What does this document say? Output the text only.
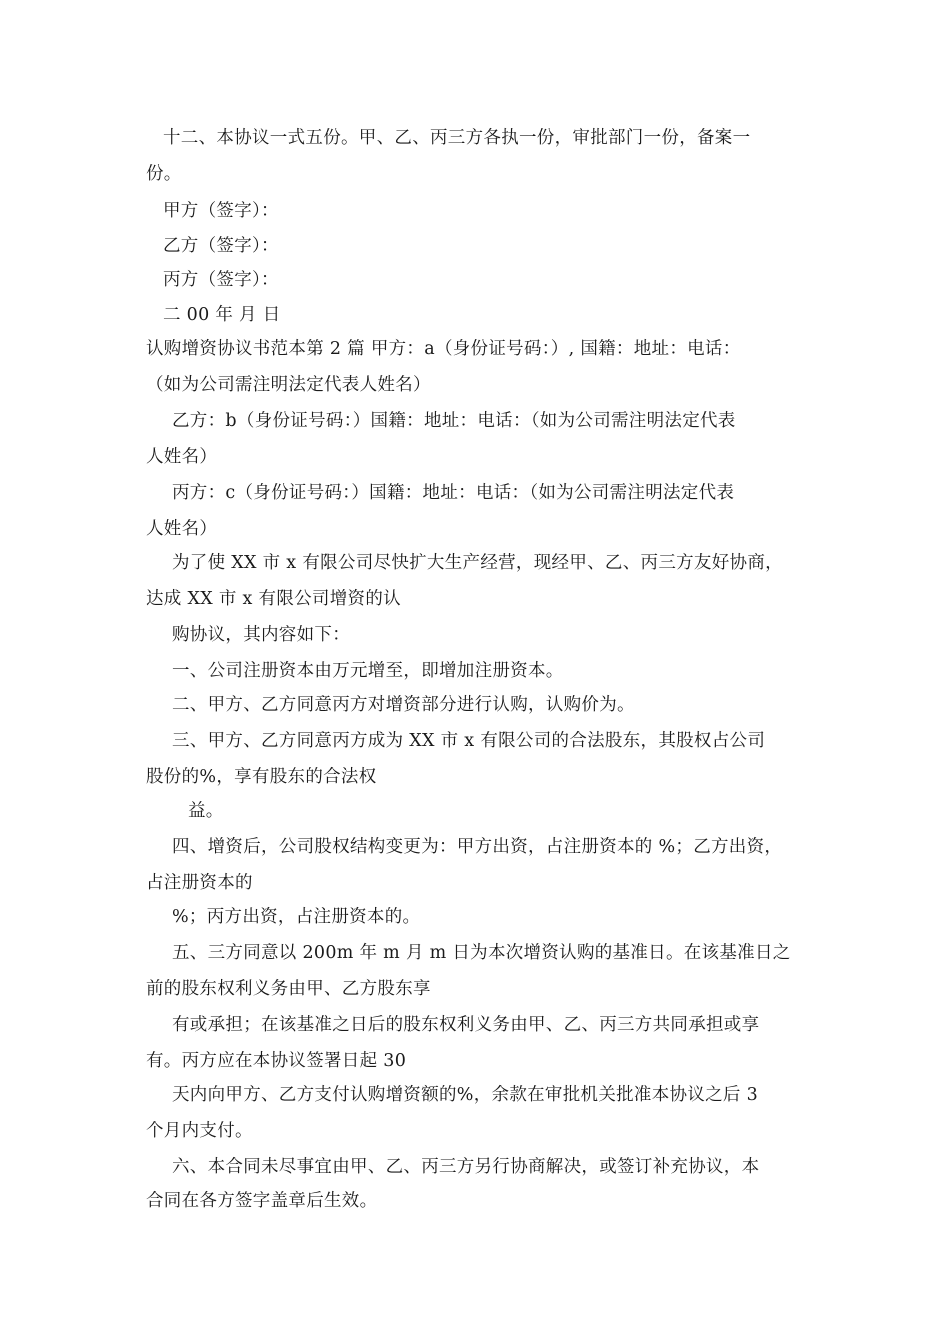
十二、本协议一式五份。甲、乙、丙三方各执一份，审批部门一份，备案一
份。
甲方（签字）：
乙方（签字）：
丙方（签字）：
二 00 年 月 日
认购增资协议书范本第 2 篇 甲方：a（身份证号码：）, 国籍：地址：电话：
（如为公司需注明法定代表人姓名）
乙方：b（身份证号码：）国籍：地址：电话：（如为公司需注明法定代表
人姓名）
丙方：c（身份证号码：）国籍：地址：电话：（如为公司需注明法定代表
人姓名）
为了使 XX 市 x 有限公司尽快扩大生产经营，现经甲、乙、丙三方友好协商，
达成 XX 市 x 有限公司增资的认
购协议，其内容如下：
一、公司注册资本由万元增至，即增加注册资本。
二、甲方、乙方同意丙方对增资部分进行认购，认购价为。
三、甲方、乙方同意丙方成为 XX 市 x 有限公司的合法股东，其股权占公司
股份的%，享有股东的合法权
益。
四、增资后，公司股权结构变更为：甲方出资，占注册资本的 %；乙方出资，
占注册资本的
%；丙方出资，占注册资本的。
五、三方同意以 200m 年 m 月 m 日为本次增资认购的基准日。在该基准日之
前的股东权利义务由甲、乙方股东享
有或承担；在该基准之日后的股东权利义务由甲、乙、丙三方共同承担或享
有。丙方应在本协议签署日起 30
天内向甲方、乙方支付认购增资额的%，余款在审批机关批准本协议之后 3
个月内支付。
六、本合同未尽事宜由甲、乙、丙三方另行协商解决，或签订补充协议，本
合同在各方签字盖章后生效。
